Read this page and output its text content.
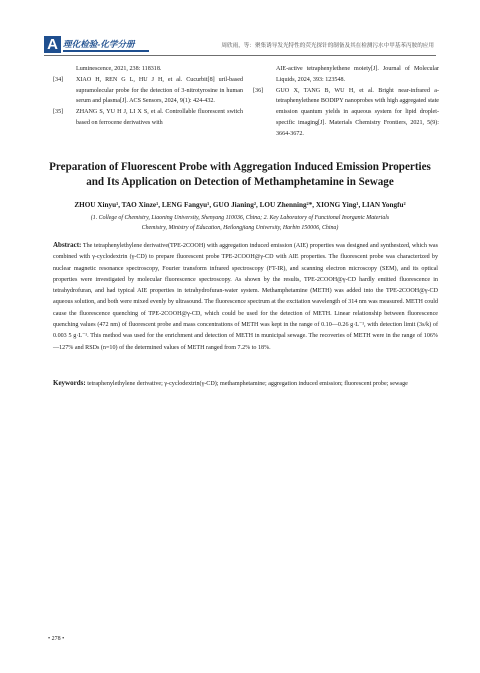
A 理化检验-化学分册	周欣雨，等：聚集诱导发光特性的荧光探针的制备及其在检测污水中甲基苯丙胺的应用
Luminescence, 2021, 238: 118318.
[34] XIAO H, REN G L, HU J H, et al. Cucurbit[8] uril-based supramolecular probe for the detection of 3-nitrotyrosine in human serum and plasma[J]. ACS Sensors, 2024, 9(1): 424-432.
[35] ZHANG S, YU H J, LI X S, et al. Controllable fluorescent switch based on ferrocene derivatives with
AIE-active tetraphenylethene moiety[J]. Journal of Molecular Liquids, 2024, 393: 123548.
[36] GUO X, TANG B, WU H, et al. Bright near-infrared a-tetraphenylethene BODIPY nanoprobes with high aggregated state emission quantum yields in aqueous system for lipid droplet-specific imaging[J]. Materials Chemistry Frontiers, 2021, 5(9): 3664-3672.
Preparation of Fluorescent Probe with Aggregation Induced Emission Properties
and Its Application on Detection of Methamphetamine in Sewage
ZHOU Xinyu¹, TAO Xinze¹, LENG Fangyu¹, GUO Jianing², LOU Zhenning²*, XIONG Ying¹, LIAN Yongfu²
(1. College of Chemistry, Liaoning University, Shenyang 110036, China; 2. Key Laboratory of Functional Inorganic Materials
Chemistry, Ministry of Education, Heilongjiang University, Harbin 150006, China)
Abstract: The tetraphenylethylene derivative(TPE-2COOH) with aggregation induced emission (AIE) properties was designed and synthesized, which was combined with γ-cyclodextrin (γ-CD) to prepare fluorescent probe TPE-2COOH@γ-CD with AIE properties. The fluorescent probe was characterized by nuclear magnetic resonance spectroscopy, Fourier transform infrared spectroscopy (FT-IR), and scanning electron microscopy (SEM), and its optical properties were investigated by molecular fluorescence spectroscopy. As shown by the results, TPE-2COOH@γ-CD hardly emitted fluorescence in tetrahydrofuran, and had typical AIE properties in tetrahydrofuran-water system. Methamphetamine (METH) was added into the TPE-2COOH@γ-CD aqueous solution, and both were mixed evenly by ultrasound. The fluorescence spectrum at the excitation wavelength of 314 nm was measured. METH could cause the fluorescence quenching of TPE-2COOH@γ-CD, which could be used for the detection of METH. Linear relationship between fluorescence quenching values (472 nm) of fluorescent probe and mass concentrations of METH was kept in the range of 0.10—0.26 g·L⁻¹, with detection limit (3s/k) of 0.003 5 g·L⁻¹. This method was used for the enrichment and detection of METH in municipal sewage. The recoveries of METH were in the range of 106%—127% and RSDs (n=10) of the determined values of METH ranged from 7.2% to 18%.
Keywords: tetraphenylethylene derivative; γ-cyclodextrin(γ-CD); methamphetamine; aggregation induced emission; fluorescent probe; sewage
• 278 •
